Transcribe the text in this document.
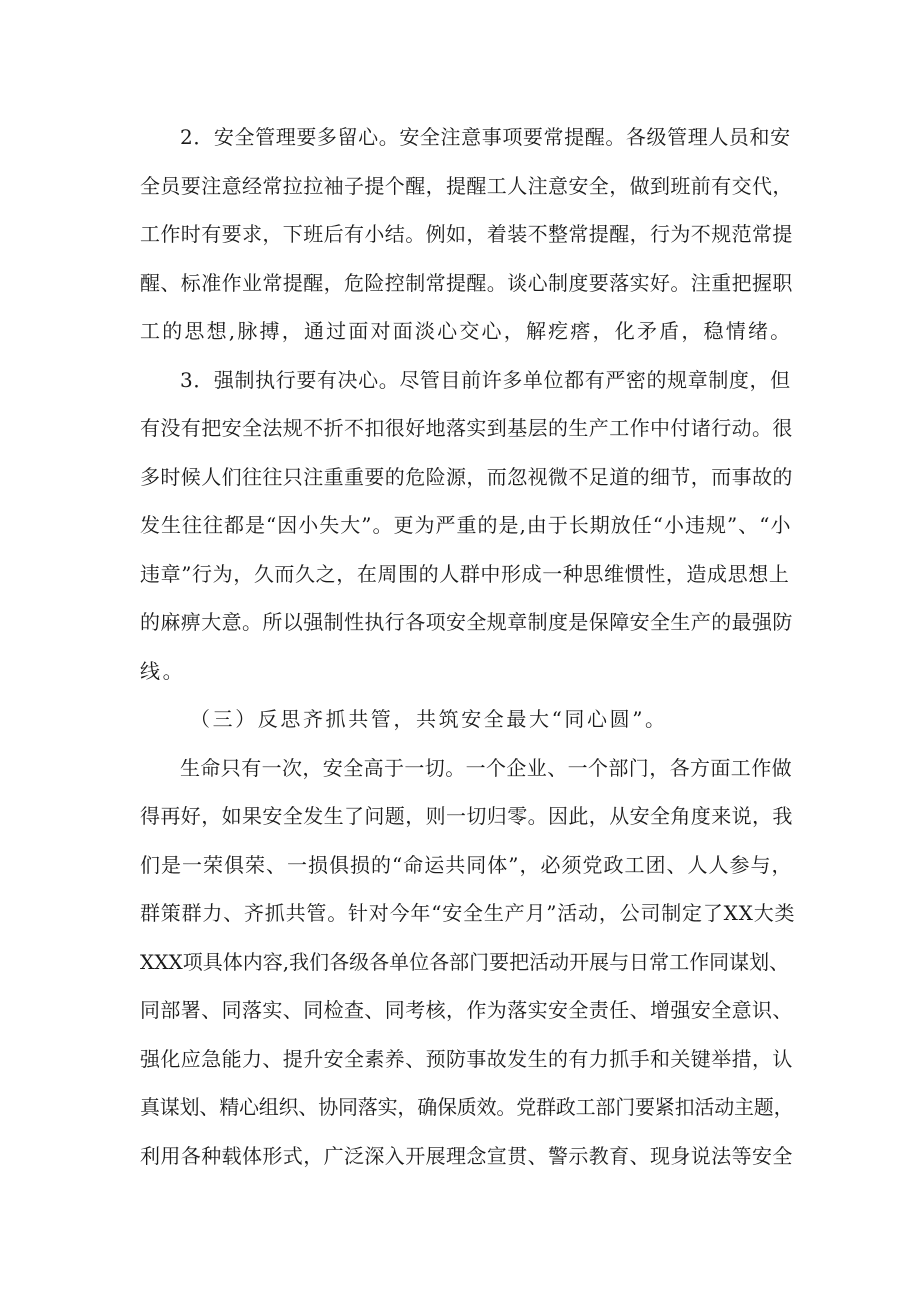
2．安全管理要多留心。安全注意事项要常提醒。各级管理人员和安
全员要注意经常拉拉袖子提个醒，提醒工人注意安全，做到班前有交代，
工作时有要求，下班后有小结。例如，着装不整常提醒，行为不规范常提
醒、标准作业常提醒，危险控制常提醒。谈心制度要落实好。注重把握职
工的思想,脉搏，通过面对面淡心交心，解疙瘩，化矛盾，稳情绪。
3．强制执行要有决心。尽管目前许多单位都有严密的规章制度，但
有没有把安全法规不折不扣很好地落实到基层的生产工作中付诸行动。很
多时候人们往往只注重重要的危险源，而忽视微不足道的细节，而事故的
发生往往都是“因小失大”。更为严重的是,由于长期放任“小违规”、“小
违章”行为，久而久之，在周围的人群中形成一种思维惯性，造成思想上
的麻痹大意。所以强制性执行各项安全规章制度是保障安全生产的最强防
线。
（三）反思齐抓共管，共筑安全最大“同心圆”。
生命只有一次，安全高于一切。一个企业、一个部门，各方面工作做
得再好，如果安全发生了问题，则一切归零。因此，从安全角度来说，我
们是一荣俱荣、一损俱损的“命运共同体”，必须党政工团、人人参与，
群策群力、齐抓共管。针对今年“安全生产月”活动，公司制定了XX大类
XXX项具体内容,我们各级各单位各部门要把活动开展与日常工作同谋划、
同部署、同落实、同检查、同考核，作为落实安全责任、增强安全意识、
强化应急能力、提升安全素养、预防事故发生的有力抓手和关键举措，认
真谋划、精心组织、协同落实，确保质效。党群政工部门要紧扣活动主题，
利用各种载体形式，广泛深入开展理念宣贯、警示教育、现身说法等安全
